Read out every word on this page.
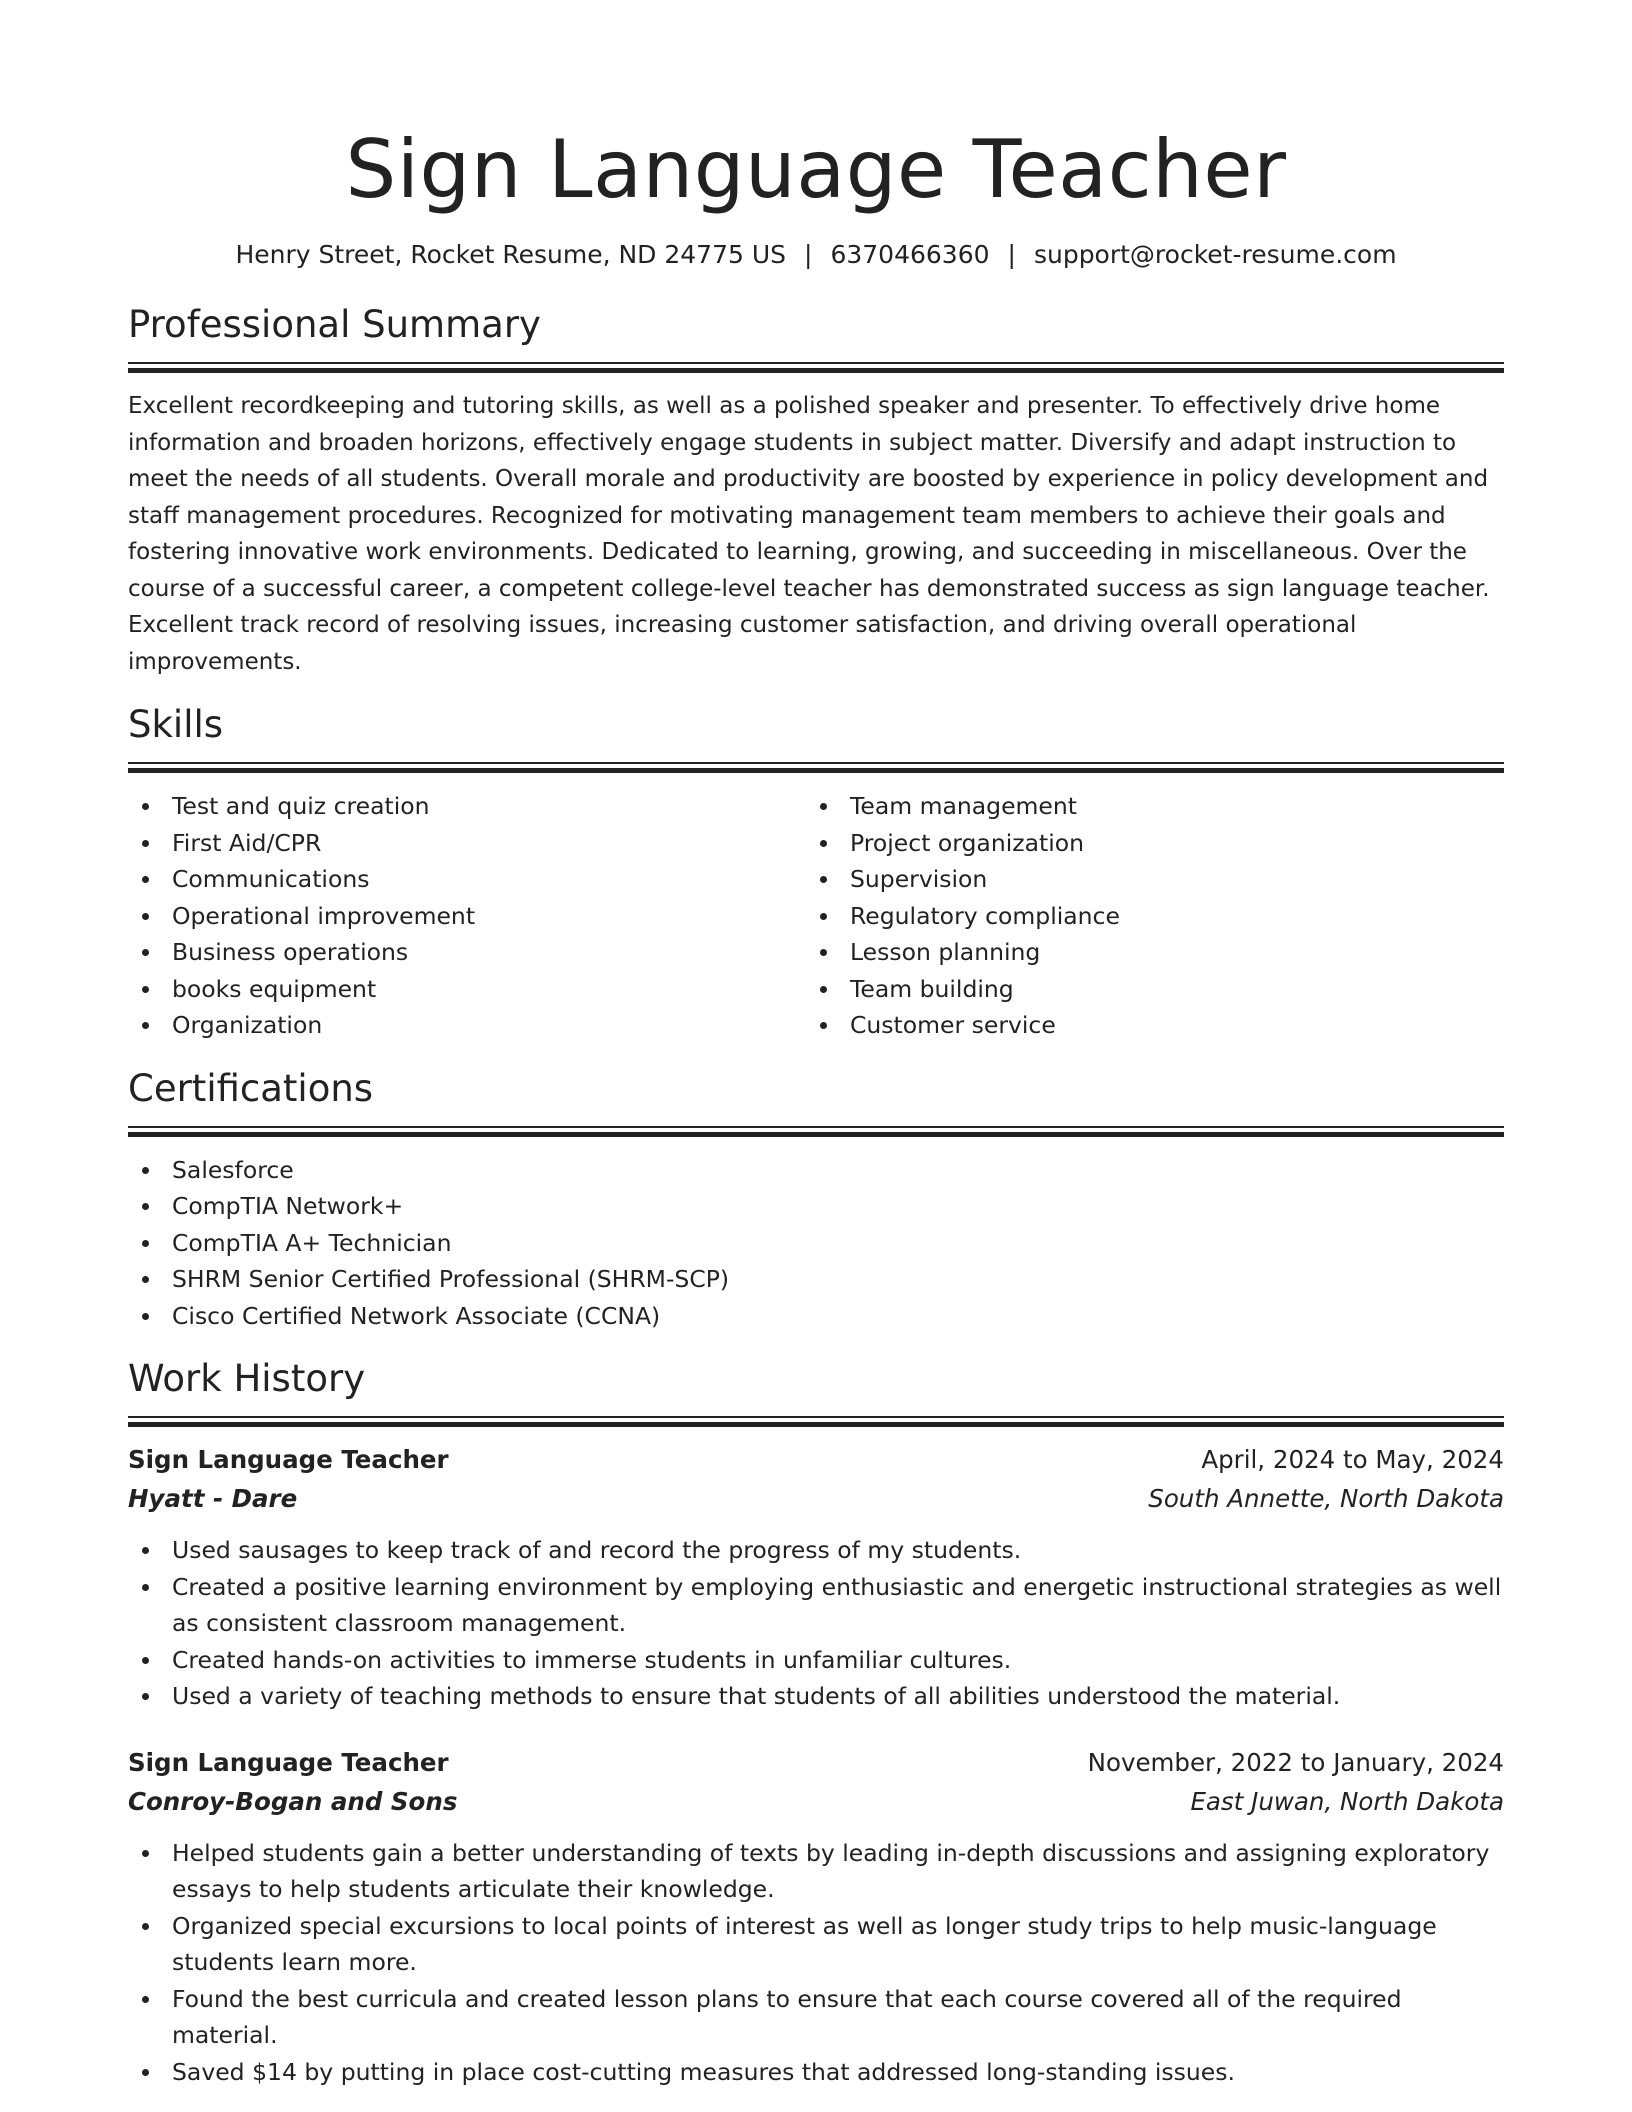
Sign Language Teacher
Henry Street, Rocket Resume, ND 24775 US | 6370466360 | support@rocket-resume.com
Professional Summary
Excellent recordkeeping and tutoring skills, as well as a polished speaker and presenter. To effectively drive home information and broaden horizons, effectively engage students in subject matter. Diversify and adapt instruction to meet the needs of all students. Overall morale and productivity are boosted by experience in policy development and staff management procedures. Recognized for motivating management team members to achieve their goals and fostering innovative work environments. Dedicated to learning, growing, and succeeding in miscellaneous. Over the course of a successful career, a competent college-level teacher has demonstrated success as sign language teacher. Excellent track record of resolving issues, increasing customer satisfaction, and driving overall operational improvements.
Skills
Test and quiz creation
First Aid/CPR
Communications
Operational improvement
Business operations
books equipment
Organization
Team management
Project organization
Supervision
Regulatory compliance
Lesson planning
Team building
Customer service
Certifications
Salesforce
CompTIA Network+
CompTIA A+ Technician
SHRM Senior Certified Professional (SHRM-SCP)
Cisco Certified Network Associate (CCNA)
Work History
Sign Language Teacher	April, 2024 to May, 2024
Hyatt - Dare	South Annette, North Dakota
Used sausages to keep track of and record the progress of my students.
Created a positive learning environment by employing enthusiastic and energetic instructional strategies as well as consistent classroom management.
Created hands-on activities to immerse students in unfamiliar cultures.
Used a variety of teaching methods to ensure that students of all abilities understood the material.
Sign Language Teacher	November, 2022 to January, 2024
Conroy-Bogan and Sons	East Juwan, North Dakota
Helped students gain a better understanding of texts by leading in-depth discussions and assigning exploratory essays to help students articulate their knowledge.
Organized special excursions to local points of interest as well as longer study trips to help music-language students learn more.
Found the best curricula and created lesson plans to ensure that each course covered all of the required material.
Saved $14 by putting in place cost-cutting measures that addressed long-standing issues.
